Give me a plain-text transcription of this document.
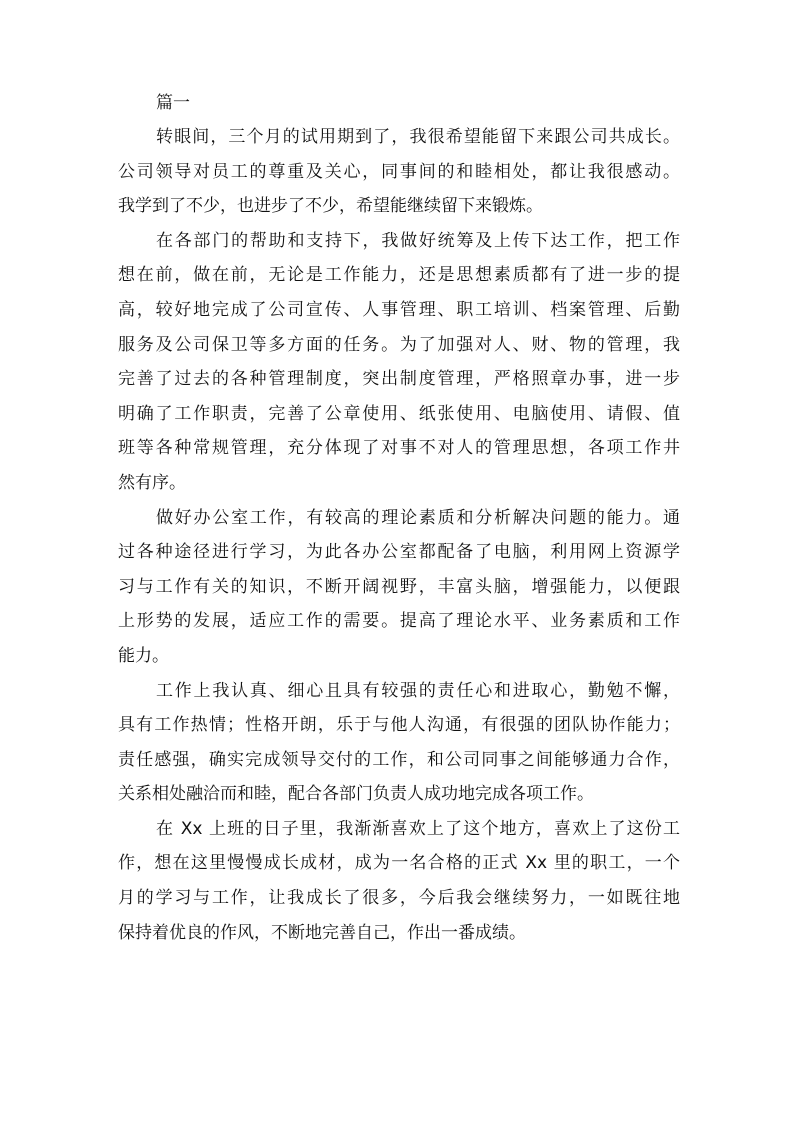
篇一

转眼间，三个月的试用期到了，我很希望能留下来跟公司共成长。
公司领导对员工的尊重及关心，同事间的和睦相处，都让我很感动。
我学到了不少，也进步了不少，希望能继续留下来锻炼。
在各部门的帮助和支持下，我做好统筹及上传下达工作，把工作
想在前，做在前，无论是工作能力，还是思想素质都有了进一步的提
高，较好地完成了公司宣传、人事管理、职工培训、档案管理、后勤
服务及公司保卫等多方面的任务。为了加强对人、财、物的管理，我
完善了过去的各种管理制度，突出制度管理，严格照章办事，进一步
明确了工作职责，完善了公章使用、纸张使用、电脑使用、请假、值
班等各种常规管理，充分体现了对事不对人的管理思想，各项工作井
然有序。
做好办公室工作，有较高的理论素质和分析解决问题的能力。通
过各种途径进行学习，为此各办公室都配备了电脑，利用网上资源学
习与工作有关的知识，不断开阔视野，丰富头脑，增强能力，以便跟
上形势的发展，适应工作的需要。提高了理论水平、业务素质和工作
能力。
工作上我认真、细心且具有较强的责任心和进取心，勤勉不懈，
具有工作热情；性格开朗，乐于与他人沟通，有很强的团队协作能力；
责任感强，确实完成领导交付的工作，和公司同事之间能够通力合作，
关系相处融洽而和睦，配合各部门负责人成功地完成各项工作。
在 Xx 上班的日子里，我渐渐喜欢上了这个地方，喜欢上了这份工
作，想在这里慢慢成长成材，成为一名合格的正式 Xx 里的职工，一个
月的学习与工作，让我成长了很多，今后我会继续努力，一如既往地
保持着优良的作风，不断地完善自己，作出一番成绩。
